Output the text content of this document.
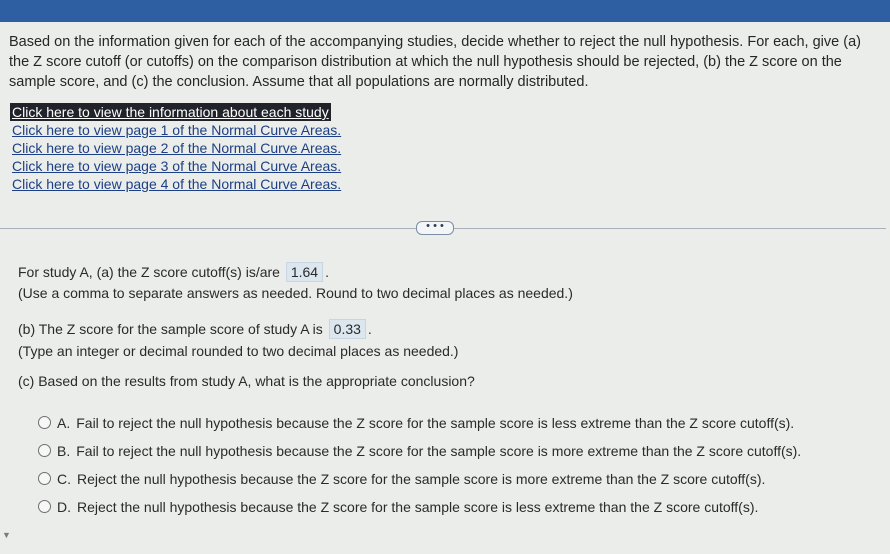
Based on the information given for each of the accompanying studies, decide whether to reject the null hypothesis. For each, give (a) the Z score cutoff (or cutoffs) on the comparison distribution at which the null hypothesis should be rejected, (b) the Z score on the sample score, and (c) the conclusion. Assume that all populations are normally distributed.
Click here to view the information about each study
Click here to view page 1 of the Normal Curve Areas.
Click here to view page 2 of the Normal Curve Areas.
Click here to view page 3 of the Normal Curve Areas.
Click here to view page 4 of the Normal Curve Areas.
• • •
For study A, (a) the Z score cutoff(s) is/are 1.64 .
(Use a comma to separate answers as needed. Round to two decimal places as needed.)
(b) The Z score for the sample score of study A is 0.33 .
(Type an integer or decimal rounded to two decimal places as needed.)
(c) Based on the results from study A, what is the appropriate conclusion?
A. Fail to reject the null hypothesis because the Z score for the sample score is less extreme than the Z score cutoff(s).
B. Fail to reject the null hypothesis because the Z score for the sample score is more extreme than the Z score cutoff(s).
C. Reject the null hypothesis because the Z score for the sample score is more extreme than the Z score cutoff(s).
D. Reject the null hypothesis because the Z score for the sample score is less extreme than the Z score cutoff(s).
▼
